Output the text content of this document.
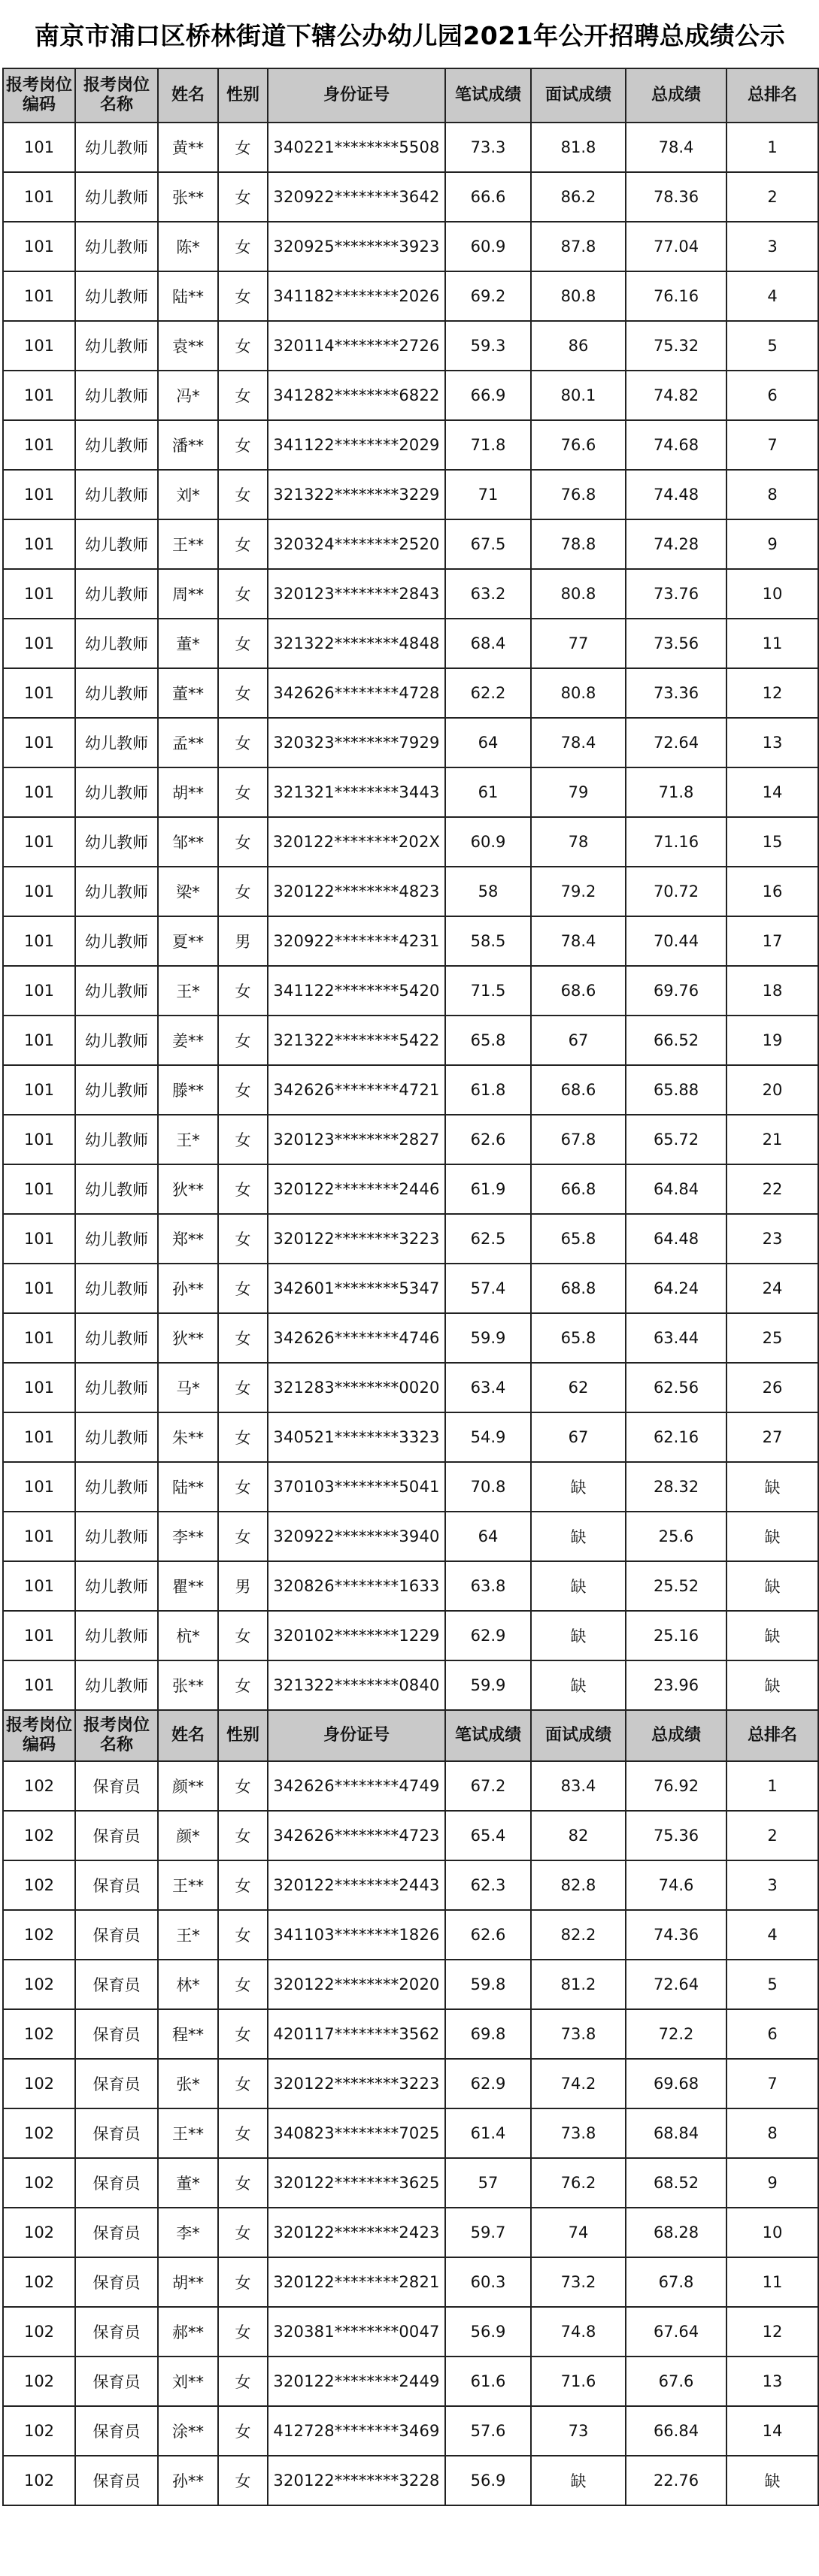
南京市浦口区桥林街道下辖公办幼儿园2021年公开招聘总成绩公示
报考岗位编码	报考岗位名称	姓名	性别	身份证号	笔试成绩	面试成绩	总成绩	总排名
101	幼儿教师	黄**	女	340221********5508	73.3	81.8	78.4	1
101	幼儿教师	张**	女	320922********3642	66.6	86.2	78.36	2
101	幼儿教师	陈*	女	320925********3923	60.9	87.8	77.04	3
101	幼儿教师	陆**	女	341182********2026	69.2	80.8	76.16	4
101	幼儿教师	袁**	女	320114********2726	59.3	86	75.32	5
101	幼儿教师	冯*	女	341282********6822	66.9	80.1	74.82	6
101	幼儿教师	潘**	女	341122********2029	71.8	76.6	74.68	7
101	幼儿教师	刘*	女	321322********3229	71	76.8	74.48	8
101	幼儿教师	王**	女	320324********2520	67.5	78.8	74.28	9
101	幼儿教师	周**	女	320123********2843	63.2	80.8	73.76	10
101	幼儿教师	董*	女	321322********4848	68.4	77	73.56	11
101	幼儿教师	董**	女	342626********4728	62.2	80.8	73.36	12
101	幼儿教师	孟**	女	320323********7929	64	78.4	72.64	13
101	幼儿教师	胡**	女	321321********3443	61	79	71.8	14
101	幼儿教师	邹**	女	320122********202X	60.9	78	71.16	15
101	幼儿教师	梁*	女	320122********4823	58	79.2	70.72	16
101	幼儿教师	夏**	男	320922********4231	58.5	78.4	70.44	17
101	幼儿教师	王*	女	341122********5420	71.5	68.6	69.76	18
101	幼儿教师	姜**	女	321322********5422	65.8	67	66.52	19
101	幼儿教师	滕**	女	342626********4721	61.8	68.6	65.88	20
101	幼儿教师	王*	女	320123********2827	62.6	67.8	65.72	21
101	幼儿教师	狄**	女	320122********2446	61.9	66.8	64.84	22
101	幼儿教师	郑**	女	320122********3223	62.5	65.8	64.48	23
101	幼儿教师	孙**	女	342601********5347	57.4	68.8	64.24	24
101	幼儿教师	狄**	女	342626********4746	59.9	65.8	63.44	25
101	幼儿教师	马*	女	321283********0020	63.4	62	62.56	26
101	幼儿教师	朱**	女	340521********3323	54.9	67	62.16	27
101	幼儿教师	陆**	女	370103********5041	70.8	缺	28.32	缺
101	幼儿教师	李**	女	320922********3940	64	缺	25.6	缺
101	幼儿教师	瞿**	男	320826********1633	63.8	缺	25.52	缺
101	幼儿教师	杭*	女	320102********1229	62.9	缺	25.16	缺
101	幼儿教师	张**	女	321322********0840	59.9	缺	23.96	缺
报考岗位编码	报考岗位名称	姓名	性别	身份证号	笔试成绩	面试成绩	总成绩	总排名
102	保育员	颜**	女	342626********4749	67.2	83.4	76.92	1
102	保育员	颜*	女	342626********4723	65.4	82	75.36	2
102	保育员	王**	女	320122********2443	62.3	82.8	74.6	3
102	保育员	王*	女	341103********1826	62.6	82.2	74.36	4
102	保育员	林*	女	320122********2020	59.8	81.2	72.64	5
102	保育员	程**	女	420117********3562	69.8	73.8	72.2	6
102	保育员	张*	女	320122********3223	62.9	74.2	69.68	7
102	保育员	王**	女	340823********7025	61.4	73.8	68.84	8
102	保育员	董*	女	320122********3625	57	76.2	68.52	9
102	保育员	李*	女	320122********2423	59.7	74	68.28	10
102	保育员	胡**	女	320122********2821	60.3	73.2	67.8	11
102	保育员	郝**	女	320381********0047	56.9	74.8	67.64	12
102	保育员	刘**	女	320122********2449	61.6	71.6	67.6	13
102	保育员	涂**	女	412728********3469	57.6	73	66.84	14
102	保育员	孙**	女	320122********3228	56.9	缺	22.76	缺
